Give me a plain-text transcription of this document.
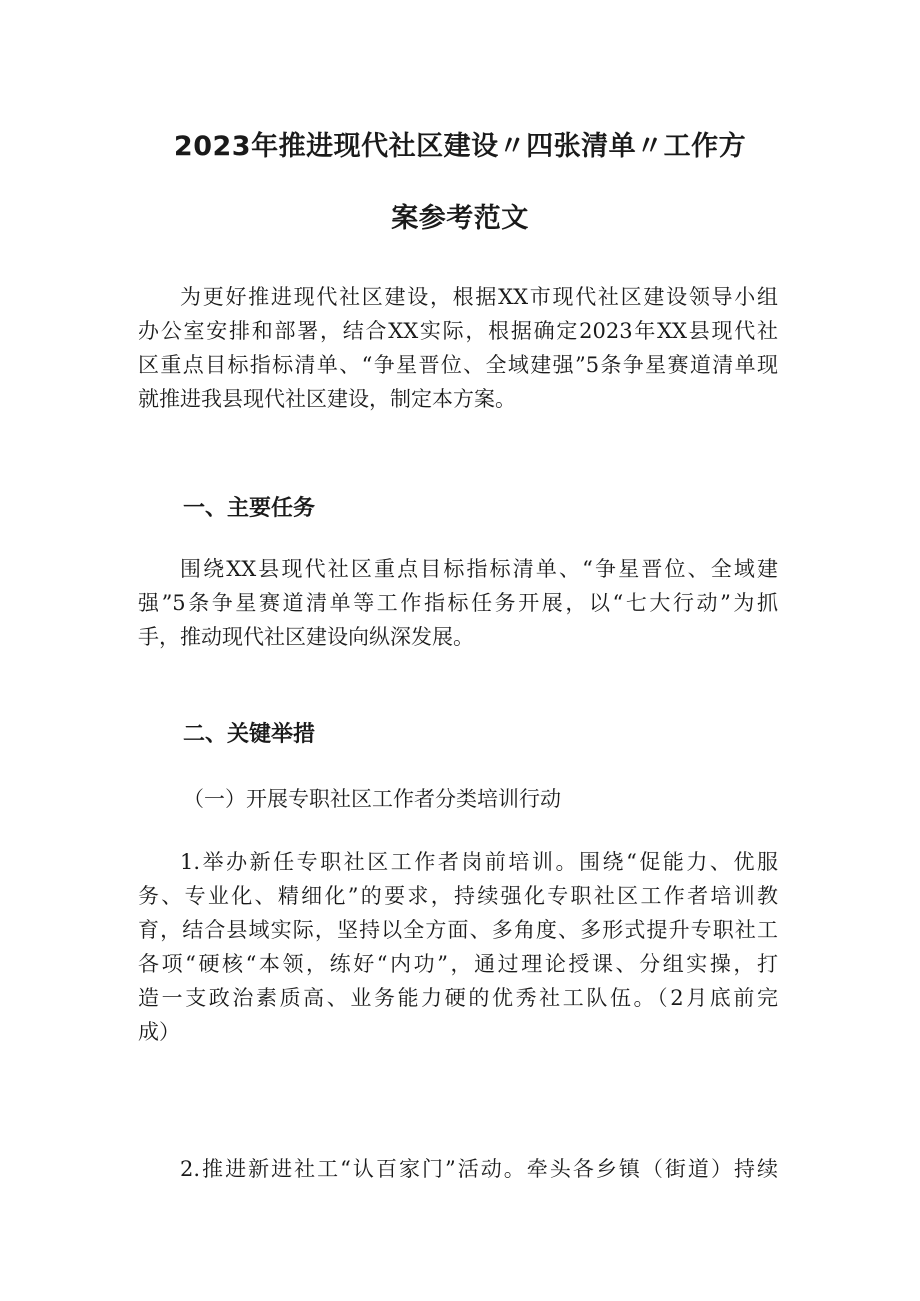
2023年推进现代社区建设〃四张清单〃工作方
案参考范文
为更好推进现代社区建设，根据XX市现代社区建设领导小组
办公室安排和部署，结合XX实际，根据确定2023年XX县现代社
区重点目标指标清单、“争星晋位、全域建强”5条争星赛道清单现
就推进我县现代社区建设，制定本方案。
一、主要任务
围绕XX县现代社区重点目标指标清单、“争星晋位、全域建
强”5条争星赛道清单等工作指标任务开展，以“七大行动”为抓
手，推动现代社区建设向纵深发展。
二、关键举措
（一）开展专职社区工作者分类培训行动
1.举办新任专职社区工作者岗前培训。围绕“促能力、优服
务、专业化、精细化”的要求，持续强化专职社区工作者培训教
育，结合县域实际，坚持以全方面、多角度、多形式提升专职社工
各项“硬核“本领，练好“内功”，通过理论授课、分组实操，打
造一支政治素质高、业务能力硬的优秀社工队伍。（2月底前完
成）
2.推进新进社工“认百家门”活动。牵头各乡镇（街道）持续
